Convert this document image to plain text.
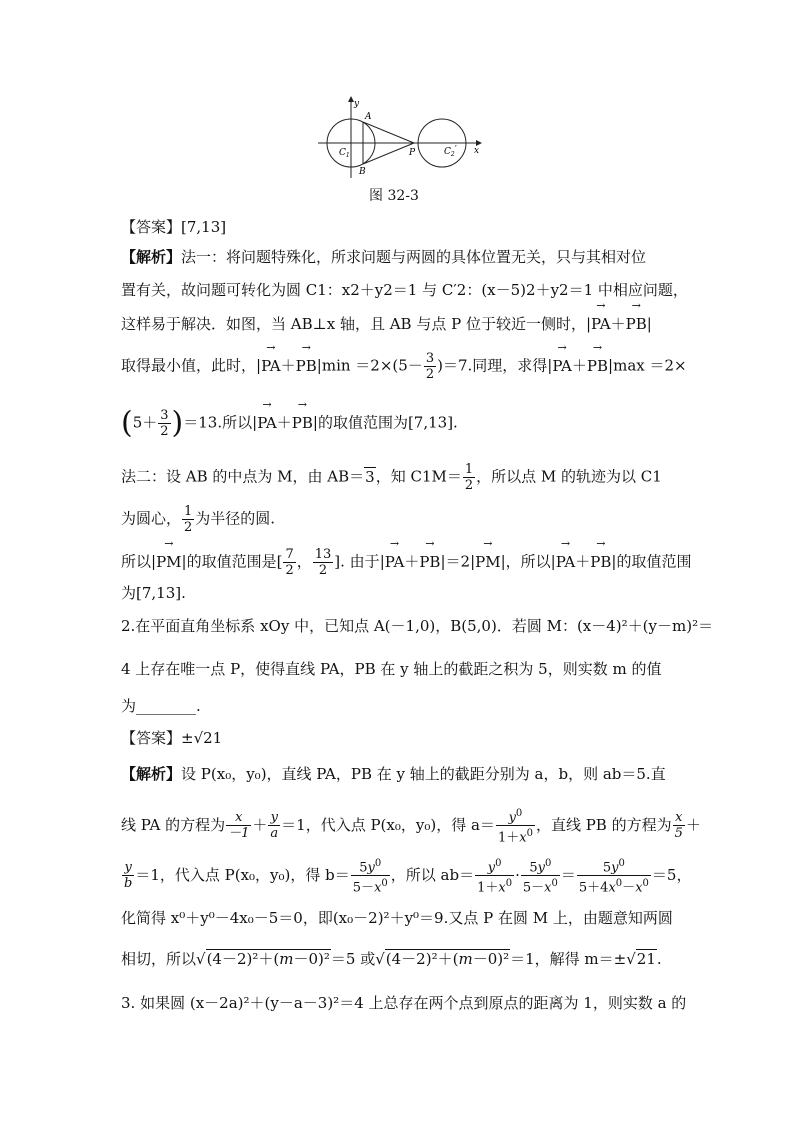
y
x
A
B
P
$C_1$	$C_2'$
图 32-3
【答案】[7,13]
【解析】法一：将问题特殊化，所求问题与两圆的具体位置无关，只与其相对位
置有关，故问题可转化为圆 C1：x2＋y2＝1 与 C′2：(x－5)2＋y2＝1 中相应问题，
这样易于解决．如图，当 AB⊥x 轴，且 AB 与点 P 位于较近一侧时，|→ PA＋→ PB|
取得最小值，此时，|→ $PA+\to PB|\min =2\times(5- \frac{3}{2} )=7$.同理，求得|→ PA＋→ PB|max ＝2×
$(5+ \frac{3}{2} )=13$.所以|→ PA＋→ PB|的取值范围为[7,13].
法二：设 AB 的中点为 M，由 AB＝3，知 $C1M= \frac{1}{2}$ ，所以点 M 的轨迹为以 C1
为圆心， $\frac{1}{2}$ 为半径的圆.
所以|→ PM|的取值范围是[ $\frac{7}{2}$ ， $\frac{13}{2}$ ]. 由于|→ PA＋→ PB|＝2|→ PM|，所以|→ PA＋→ PB|的取值范围
为[7,13].
2.在平面直角坐标系 xOy 中，已知点 A(－1,0)，B(5,0)．若圆 M：(x－4)²＋(y－m)²＝
4 上存在唯一点 P，使得直线 PA，PB 在 y 轴上的截距之积为 5，则实数 m 的值
为________.
【答案】±√21
【解析】设 P(x₀，y₀)，直线 PA，PB 在 y 轴上的截距分别为 a，b，则 ab＝5.直
线 PA 的方程为 $\frac{x}{-1} + \frac{y}{a} =1$，代入点 P(x₀，y₀)，得 $a= \frac{y^0}{1+x^0}$ ，直线 PB 的方程为 $\frac{x}{5}$ ＋
$\frac{y}{b} =1$，代入点 P(x₀，y₀)，得 $b= \frac{5y^0}{5-x^0}$ ，所以 $ab= \frac{y^0}{1+x^0} \cdot \frac{5y^0}{5-x^0} = \frac{5y^0}{5+4x^0-x^0} =5$，
化简得 x⁰＋y⁰－4x₀－5＝0，即(x₀－2)²＋y⁰＝9.又点 P 在圆 M 上，由题意知两圆
相切，所以√(4－2)²＋(m－0)²＝5 或√(4－2)²＋(m－0)²＝1，解得 m＝±√21.
3. 如果圆 (x－2a)²＋(y－a－3)²＝4 上总存在两个点到原点的距离为 1，则实数 a 的
